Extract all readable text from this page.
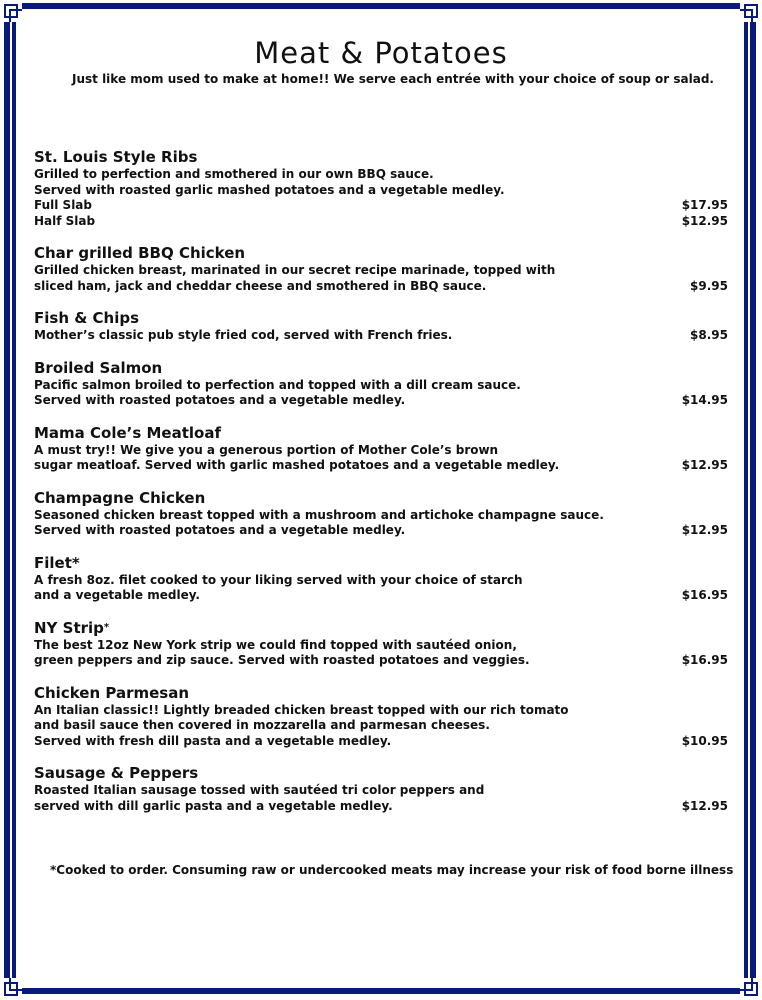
Meat & Potatoes

Just like mom used to make at home!! We serve each entrée with your choice of soup or salad.

St. Louis Style Ribs
Grilled to perfection and smothered in our own BBQ sauce.
Served with roasted garlic mashed potatoes and a vegetable medley.
Full Slab	$17.95
Half Slab	$12.95
Char grilled BBQ Chicken
Grilled chicken breast, marinated in our secret recipe marinade, topped with
sliced ham, jack and cheddar cheese and smothered in BBQ sauce.	$9.95
Fish & Chips
Mother’s classic pub style fried cod, served with French fries.	$8.95
Broiled Salmon
Pacific salmon broiled to perfection and topped with a dill cream sauce.
Served with roasted potatoes and a vegetable medley.	$14.95
Mama Cole’s Meatloaf
A must try!! We give you a generous portion of Mother Cole’s brown
sugar meatloaf. Served with garlic mashed potatoes and a vegetable medley.	$12.95
Champagne Chicken
Seasoned chicken breast topped with a mushroom and artichoke champagne sauce.
Served with roasted potatoes and a vegetable medley.	$12.95
Filet*
A fresh 8oz. filet cooked to your liking served with your choice of starch
and a vegetable medley.	$16.95
NY Strip*
The best 12oz New York strip we could find topped with sautéed onion,
green peppers and zip sauce. Served with roasted potatoes and veggies.	$16.95
Chicken Parmesan
An Italian classic!! Lightly breaded chicken breast topped with our rich tomato
and basil sauce then covered in mozzarella and parmesan cheeses.
Served with fresh dill pasta and a vegetable medley.	$10.95
Sausage & Peppers
Roasted Italian sausage tossed with sautéed tri color peppers and
served with dill garlic pasta and a vegetable medley.	$12.95

*Cooked to order. Consuming raw or undercooked meats may increase your risk of food borne illness
